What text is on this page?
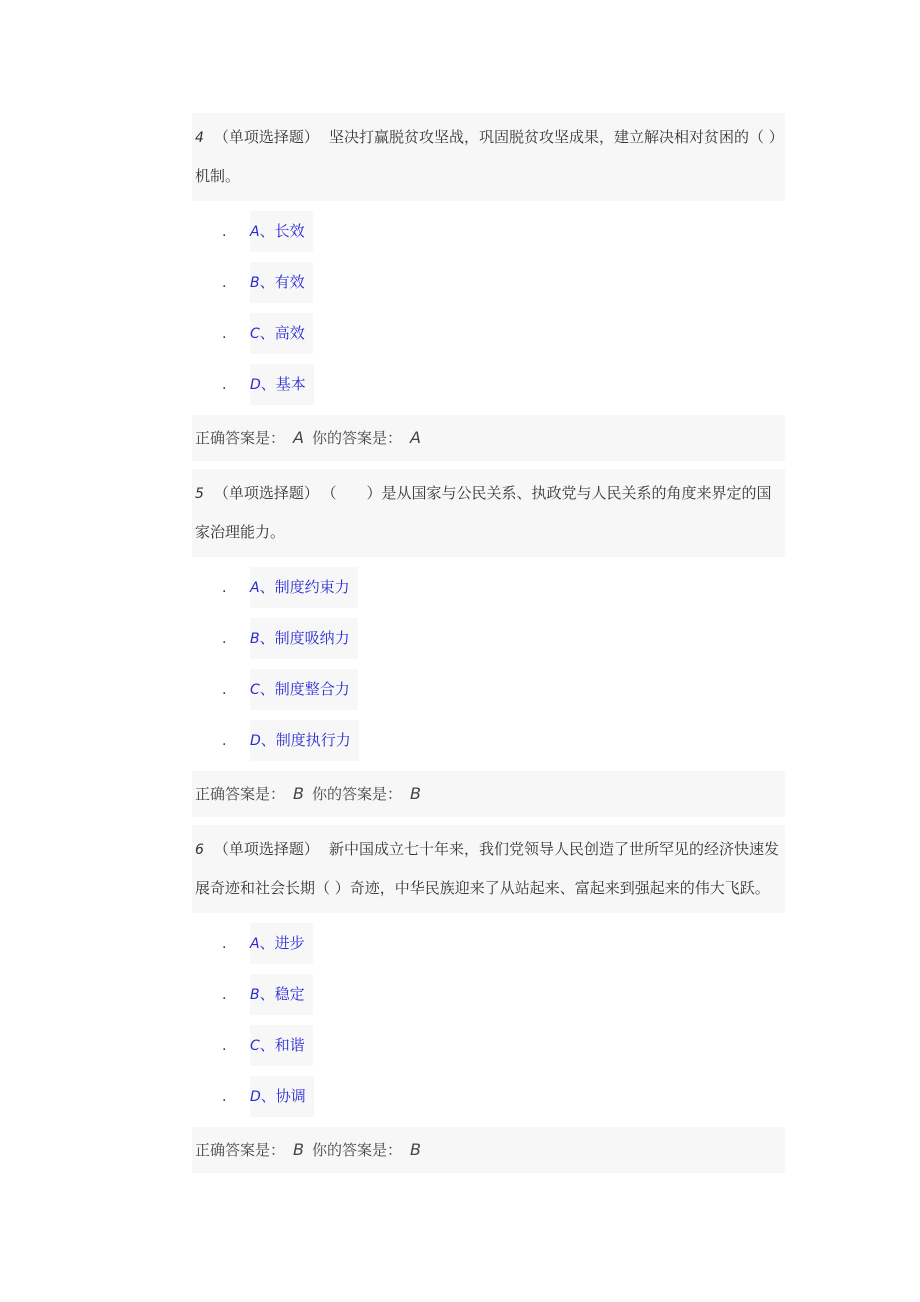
4 （单项选择题） 坚决打赢脱贫攻坚战，巩固脱贫攻坚成果，建立解决相对贫困的（ ）机制。
.	A、长效
.	B、有效
.	C、高效
.	D、基本
正确答案是： A 你的答案是： A
5 （单项选择题） （　　）是从国家与公民关系、执政党与人民关系的角度来界定的国家治理能力。
.	A、制度约束力
.	B、制度吸纳力
.	C、制度整合力
.	D、制度执行力
正确答案是： B 你的答案是： B
6 （单项选择题） 新中国成立七十年来，我们党领导人民创造了世所罕见的经济快速发展奇迹和社会长期（ ）奇迹，中华民族迎来了从站起来、富起来到强起来的伟大飞跃。
.	A、进步
.	B、稳定
.	C、和谐
.	D、协调
正确答案是： B 你的答案是： B
